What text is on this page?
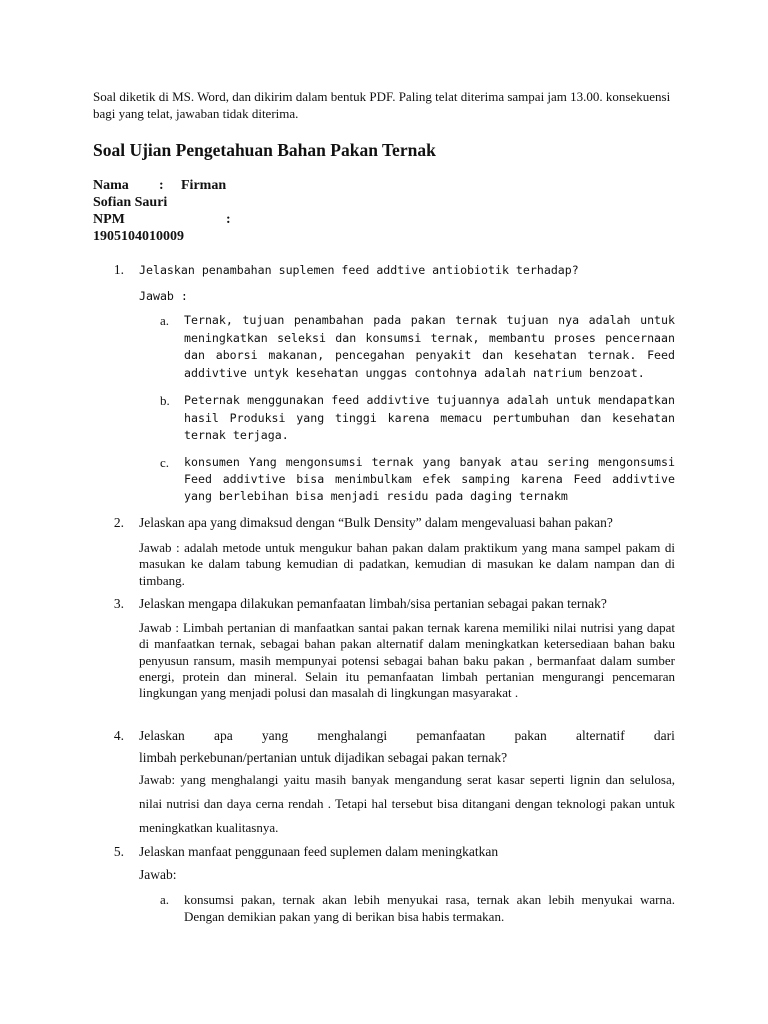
Soal diketik di MS. Word, dan dikirim dalam bentuk PDF. Paling telat diterima sampai jam 13.00. konsekuensi bagi yang telat, jawaban tidak diterima.

Soal Ujian Pengetahuan Bahan Pakan Ternak
Nama : Firman
Sofian Sauri
NPM	:
1905104010009
1. Jelaskan penambahan suplemen feed addtive antiobiotik terhadap?

Jawab :

a.	Ternak, tujuan penambahan pada pakan ternak tujuan nya adalah untuk meningkatkan seleksi dan konsumsi ternak, membantu proses pencernaan dan aborsi makanan, pencegahan penyakit dan kesehatan ternak. Feed addivtive untyk kesehatan unggas contohnya adalah natrium benzoat.

b.	Peternak menggunakan feed addivtive tujuannya adalah untuk mendapatkan hasil Produksi yang tinggi karena memacu pertumbuhan dan kesehatan ternak terjaga.

c.	konsumen Yang mengonsumsi ternak yang banyak atau sering mengonsumsi Feed addivtive bisa menimbulkam efek samping karena Feed addivtive yang berlebihan bisa menjadi residu pada daging ternakm

2. Jelaskan apa yang dimaksud dengan “Bulk Density” dalam mengevaluasi bahan pakan?

Jawab : adalah metode untuk mengukur bahan pakan dalam praktikum yang mana sampel pakam di masukan ke dalam tabung kemudian di padatkan, kemudian di masukan ke dalam nampan dan di timbang.

3. Jelaskan mengapa dilakukan pemanfaatan limbah/sisa pertanian sebagai pakan ternak?

Jawab : Limbah pertanian di manfaatkan santai pakan ternak karena memiliki nilai nutrisi yang dapat di manfaatkan ternak, sebagai bahan pakan alternatif dalam meningkatkan ketersediaan bahan baku penyusun ransum, masih mempunyai potensi sebagai bahan baku pakan , bermanfaat dalam sumber energi, protein dan mineral. Selain itu pemanfaatan limbah pertanian mengurangi pencemaran lingkungan yang menjadi polusi dan masalah di lingkungan masyarakat .

4. Jelaskan apa yang menghalangi pemanfaatan pakan alternatif dari

limbah perkebunan/pertanian untuk dijadikan sebagai pakan ternak?

Jawab: yang menghalangi yaitu masih banyak mengandung serat kasar seperti lignin dan selulosa, nilai nutrisi dan daya cerna rendah . Tetapi hal tersebut bisa ditangani dengan teknologi pakan untuk meningkatkan kualitasnya.

5. Jelaskan manfaat penggunaan feed suplemen dalam meningkatkan

Jawab:

a.	konsumsi pakan, ternak akan lebih menyukai rasa, ternak akan lebih menyukai warna. Dengan demikian pakan yang di berikan bisa habis termakan.
